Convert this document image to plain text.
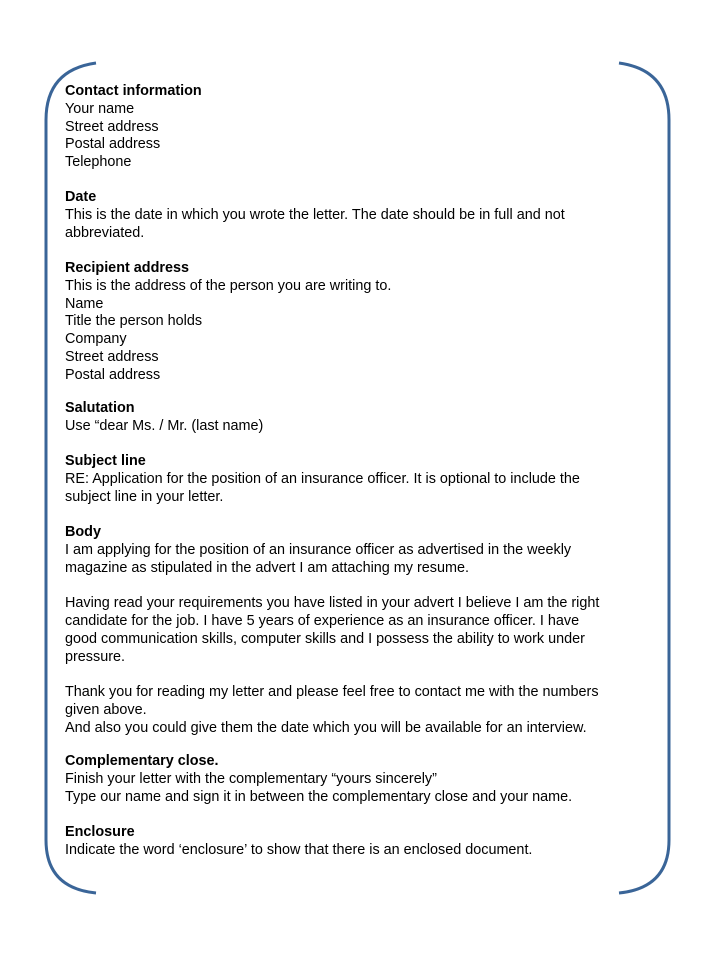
Contact information
Your name
Street address
Postal address
Telephone
Date
This is the date in which you wrote the letter. The date should be in full and not
abbreviated.
Recipient address
This is the address of the person you are writing to.
Name
Title the person holds
Company
Street address
Postal address
Salutation
Use “dear Ms. / Mr. (last name)
Subject line
RE: Application for the position of an insurance officer. It is optional to include the
subject line in your letter.
Body
I am applying for the position of an insurance officer as advertised in the weekly
magazine as stipulated in the advert I am attaching my resume.
Having read your requirements you have listed in your advert I believe I am the right
candidate for the job. I have 5 years of experience as an insurance officer. I have
good communication skills, computer skills and I possess the ability to work under
pressure.
Thank you for reading my letter and please feel free to contact me with the numbers
given above.
And also you could give them the date which you will be available for an interview.
Complementary close.
Finish your letter with the complementary “yours sincerely”
Type our name and sign it in between the complementary close and your name.
Enclosure
Indicate the word ‘enclosure’ to show that there is an enclosed document.
